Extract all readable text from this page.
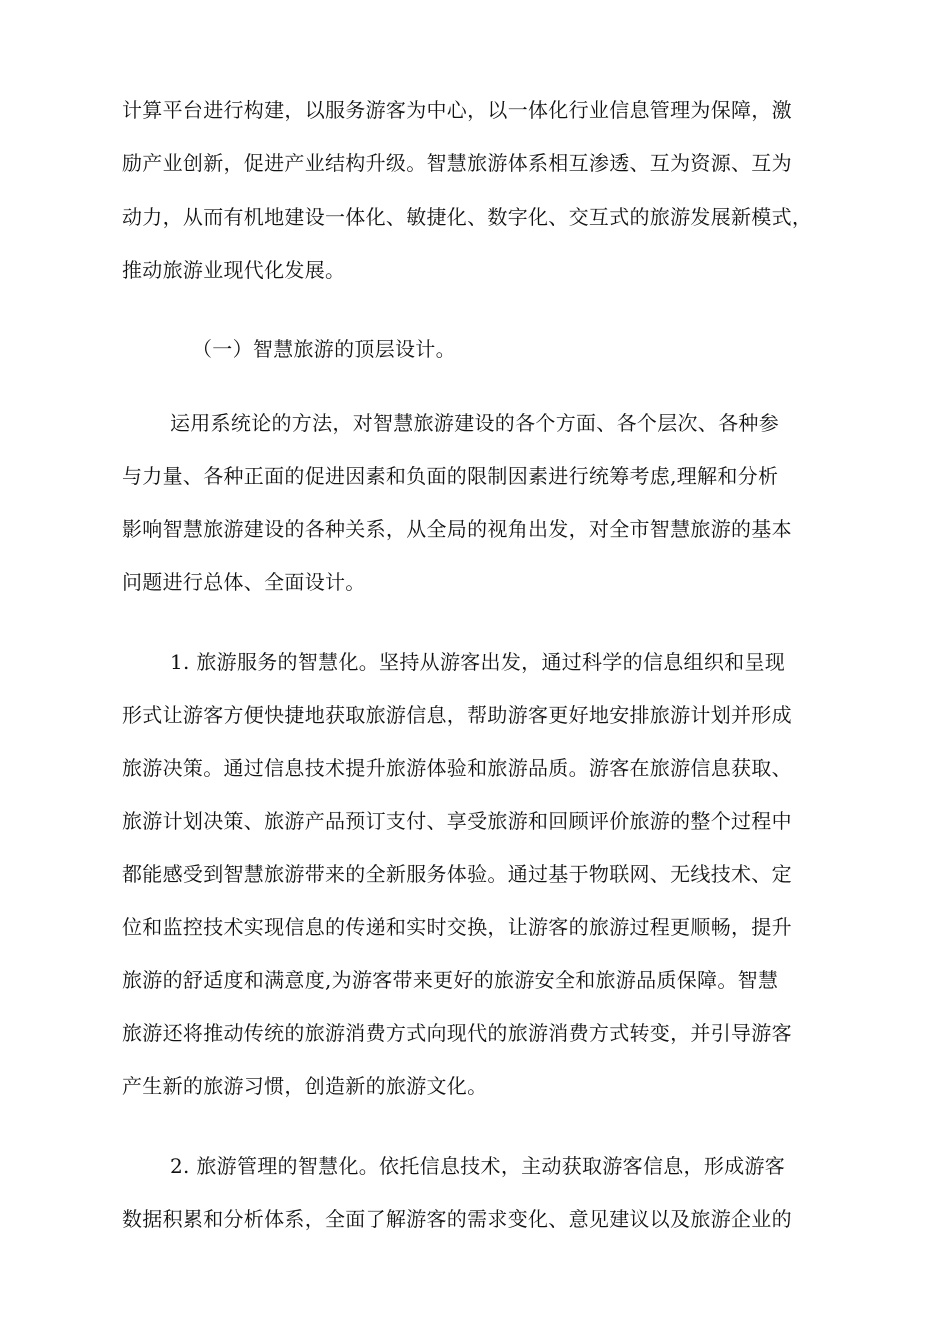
计算平台进行构建，以服务游客为中心，以一体化行业信息管理为保障，激
励产业创新，促进产业结构升级。智慧旅游体系相互渗透、互为资源、互为
动力，从而有机地建设一体化、敏捷化、数字化、交互式的旅游发展新模式，
推动旅游业现代化发展。
（一）智慧旅游的顶层设计。
运用系统论的方法，对智慧旅游建设的各个方面、各个层次、各种参
与力量、各种正面的促进因素和负面的限制因素进行统筹考虑,理解和分析
影响智慧旅游建设的各种关系，从全局的视角出发，对全市智慧旅游的基本
问题进行总体、全面设计。
1. 旅游服务的智慧化。坚持从游客出发，通过科学的信息组织和呈现
形式让游客方便快捷地获取旅游信息，帮助游客更好地安排旅游计划并形成
旅游决策。通过信息技术提升旅游体验和旅游品质。游客在旅游信息获取、
旅游计划决策、旅游产品预订支付、享受旅游和回顾评价旅游的整个过程中
都能感受到智慧旅游带来的全新服务体验。通过基于物联网、无线技术、定
位和监控技术实现信息的传递和实时交换，让游客的旅游过程更顺畅，提升
旅游的舒适度和满意度,为游客带来更好的旅游安全和旅游品质保障。智慧
旅游还将推动传统的旅游消费方式向现代的旅游消费方式转变，并引导游客
产生新的旅游习惯，创造新的旅游文化。
2. 旅游管理的智慧化。依托信息技术，主动获取游客信息，形成游客
数据积累和分析体系，全面了解游客的需求变化、意见建议以及旅游企业的
